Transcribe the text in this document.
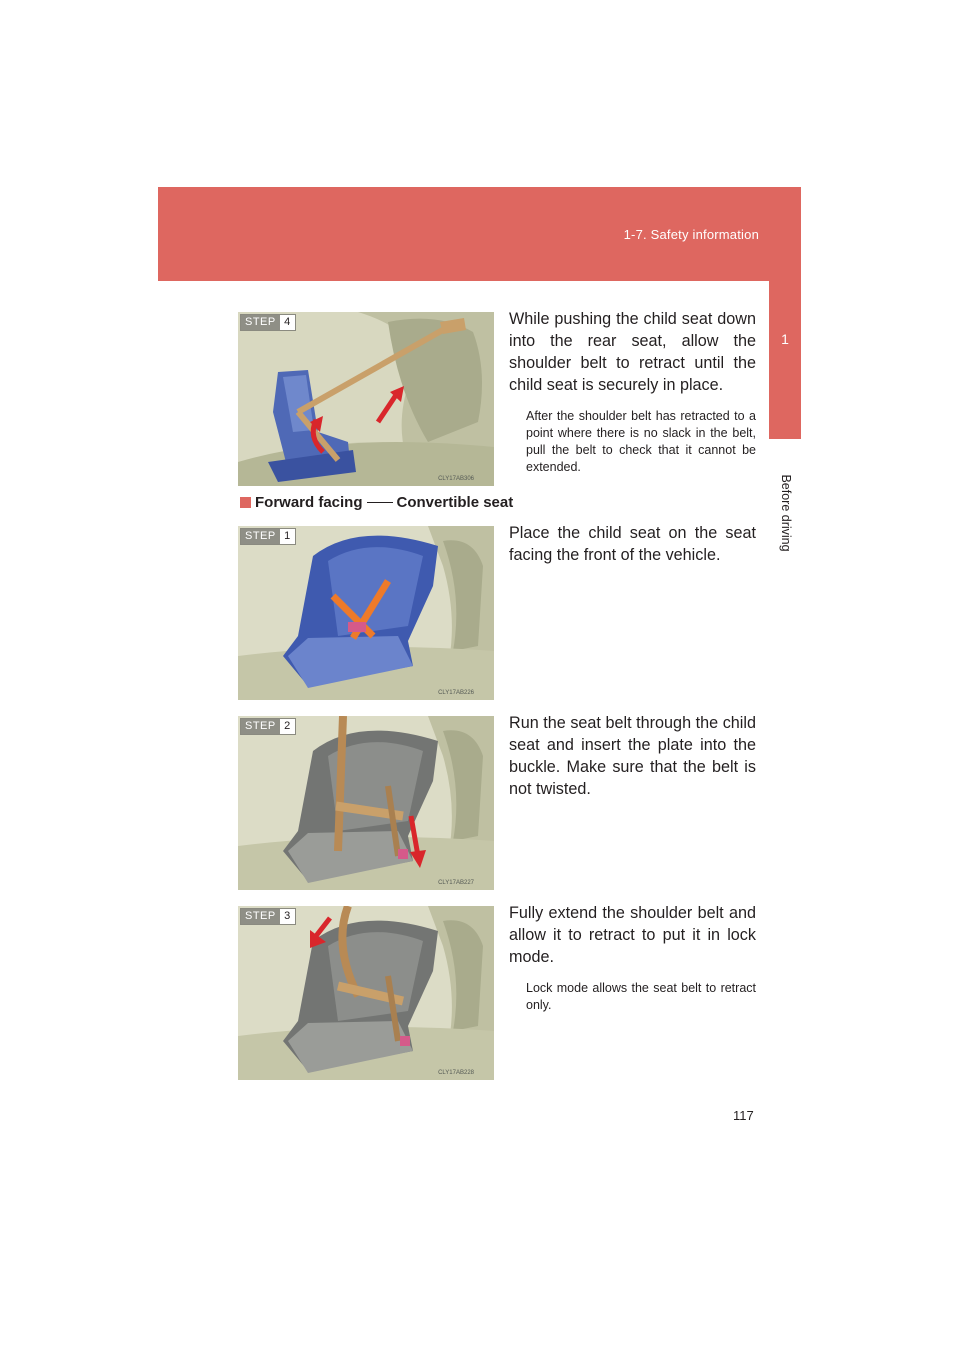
1-7. Safety information
1
Before driving
STEP 4
CLY17AB306

While pushing the child seat down into the rear seat, allow the shoulder belt to retract until the child seat is securely in place.

After the shoulder belt has retracted to a point where there is no slack in the belt, pull the belt to check that it cannot be extended.

Forward facing Convertible seat
STEP 1
CLY17AB226

Place the child seat on the seat facing the front of the vehicle.

STEP 2
CLY17AB227

Run the seat belt through the child seat and insert the plate into the buckle. Make sure that the belt is not twisted.

STEP 3
CLY17AB228

Fully extend the shoulder belt and allow it to retract to put it in lock mode.

Lock mode allows the seat belt to retract only.

117
